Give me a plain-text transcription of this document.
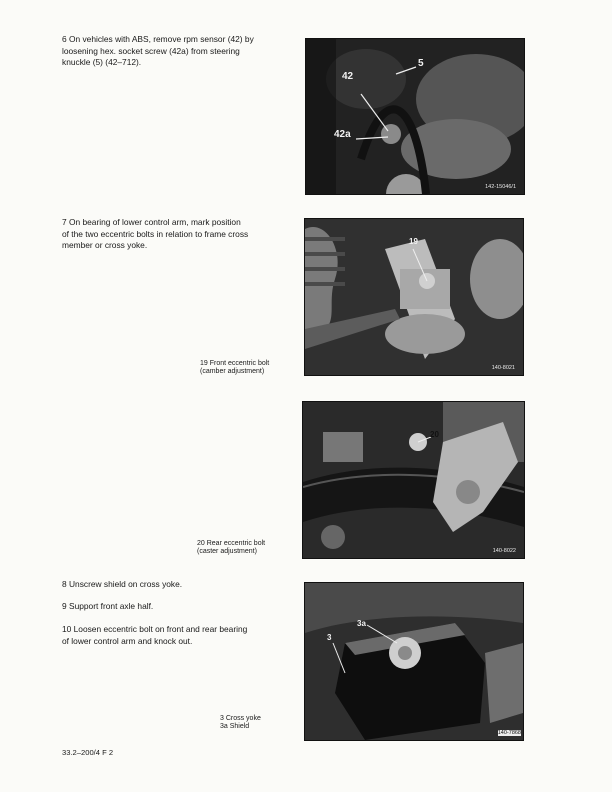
6 On vehicles with ABS, remove rpm sensor (42) by
loosening hex. socket screw (42a) from steering
knuckle (5) (42–712).

7 On bearing of lower control arm, mark position
of the two eccentric bolts in relation to frame cross
member or cross yoke.

8 Unscrew shield on cross yoke.

9 Support front axle half.

10 Loosen eccentric bolt on front and rear bearing
of lower control arm and knock out.

5
42
42a
142-15046/1
19
140-8021
20
140-8022
3a
3
140-7868

19 Front eccentric bolt
(camber adjustment)

20 Rear eccentric bolt
(caster adjustment)

3 Cross yoke
3a Shield

33.2–200/4 F 2
